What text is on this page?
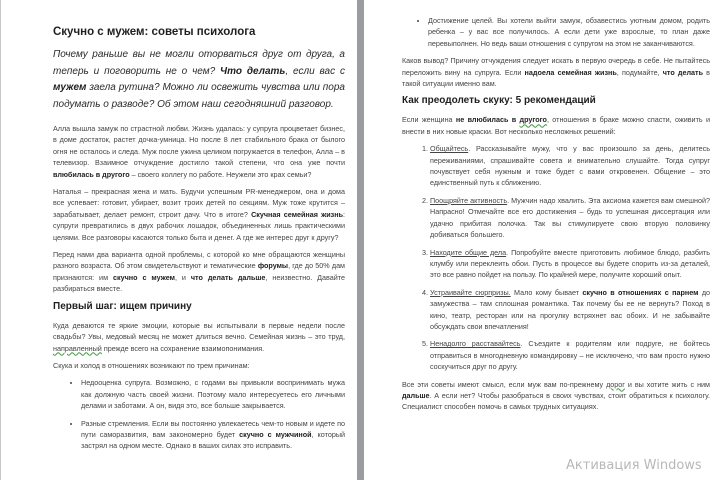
Скучно с мужем: советы психолога

Почему раньше вы не могли оторваться друг от друга, а теперь и поговорить не о чем? Что делать, если вас с мужем заела рутина? Можно ли освежить чувства или пора подумать о разводе? Об этом наш сегодняшний разговор.

Алла вышла замуж по страстной любви. Жизнь удалась: у супруга процветает бизнес, в доме достаток, растет дочка-умница. Но после 8 лет стабильного брака от былого огня не осталось и следа. Муж после ужина целиком погружается в телефон, Алла – в телевизор. Взаимное отчуждение достигло такой степени, что она уже почти влюбилась в другого – своего коллегу по работе. Неужели это крах семьи?

Наталья – прекрасная жена и мать. Будучи успешным PR-менеджером, она и дома все успевает: готовит, убирает, возит троих детей по секциям. Муж тоже крутится – зарабатывает, делает ремонт, строит дачу. Что в итоге? Скучная семейная жизнь: супруги превратились в двух рабочих лошадок, объединенных лишь практическими целями. Все разговоры касаются только быта и денег. А где же интерес друг к другу?

Перед нами два варианта одной проблемы, с которой ко мне обращаются женщины разного возраста. Об этом свидетельствуют и тематические форумы, где до 50% дам признаются: им скучно с мужем, и что делать дальше, неизвестно. Давайте разбираться вместе.

Первый шаг: ищем причину

Куда деваются те яркие эмоции, которые вы испытывали в первые недели после свадьбы? Увы, медовый месяц не может длиться вечно. Семейная жизнь – это труд, направленный прежде всего на сохранение взаимопонимания.

Скука и холод в отношениях возникают по трем причинам:

• Недооценка супруга. Возможно, с годами вы привыкли воспринимать мужа как должную часть своей жизни. Поэтому мало интересуетесь его личными делами и заботами. А он, видя это, все больше закрывается.
• Разные стремления. Если вы постоянно увлекаетесь чем-то новым и идете по пути саморазвития, вам закономерно будет скучно с мужчиной, который застрял на одном месте. Однако в ваших силах это исправить.
• Достижение целей. Вы хотели выйти замуж, обзавестись уютным домом, родить ребенка – у вас все получилось. А если дети уже взрослые, то план даже перевыполнен. Но ведь ваши отношения с супругом на этом не заканчиваются.

Каков вывод? Причину отчуждения следует искать в первую очередь в себе. Не пытайтесь переложить вину на супруга. Если надоела семейная жизнь, подумайте, что делать в такой ситуации именно вам.

Как преодолеть скуку: 5 рекомендаций

Если женщина не влюбилась в другого, отношения в браке можно спасти, оживить и внести в них новые краски. Вот несколько несложных решений:

1. Общайтесь. Рассказывайте мужу, что у вас произошло за день, делитесь переживаниями, спрашивайте совета и внимательно слушайте. Тогда супруг почувствует себя нужным и тоже будет с вами откровенен. Общение – это единственный путь к сближению.
2. Поощряйте активность. Мужчин надо хвалить. Эта аксиома кажется вам смешной? Напрасно! Отмечайте все его достижения – будь то успешная диссертация или удачно прибитая полочка. Так вы стимулируете свою вторую половинку добиваться большего.
3. Находите общие дела. Попробуйте вместе приготовить любимое блюдо, разбить клумбу или переклеить обои. Пусть в процессе вы будете спорить из-за деталей, это все равно пойдет на пользу. По крайней мере, получите хороший опыт.
4. Устраивайте сюрпризы. Мало кому бывает скучно в отношениях с парнем до замужества – там сплошная романтика. Так почему бы ее не вернуть? Поход в кино, театр, ресторан или на прогулку встряхнет вас обоих. И не забывайте обсуждать свои впечатления!
5. Ненадолго расставайтесь. Съездите к родителям или подруге, не бойтесь отправиться в многодневную командировку – не исключено, что вам просто нужно соскучиться друг по другу.

Все эти советы имеют смысл, если муж вам по-прежнему дорог и вы хотите жить с ним дальше. А если нет? Чтобы разобраться в своих чувствах, стоит обратиться к психологу. Специалист способен помочь в самых трудных ситуациях.

Активация Windows
